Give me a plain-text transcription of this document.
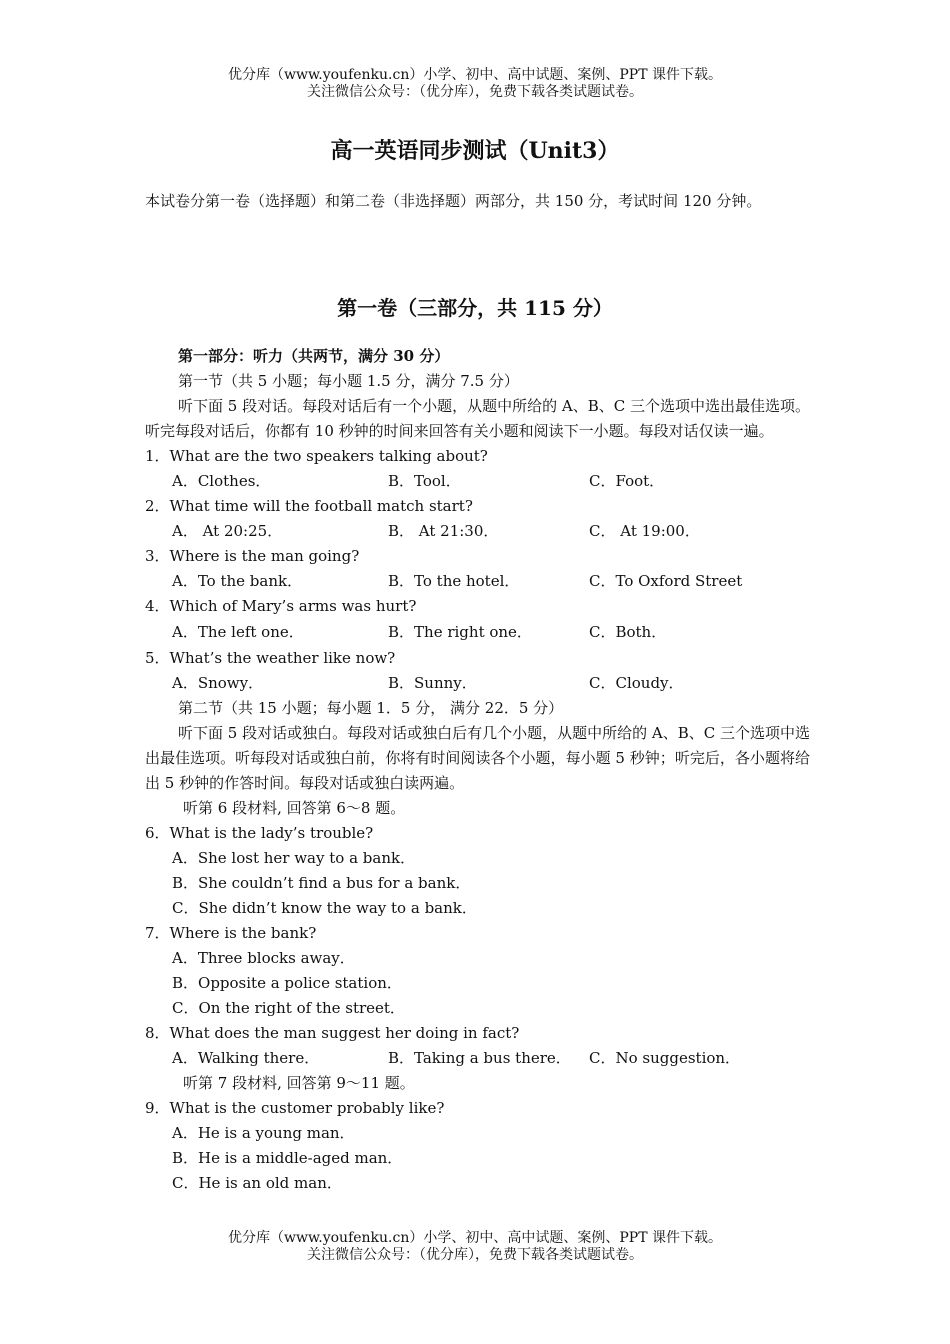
优分库（www.youfenku.cn）小学、初中、高中试题、案例、PPT 课件下载。
关注微信公众号：（优分库），免费下载各类试题试卷。
高一英语同步测试（Unit3）
本试卷分第一卷（选择题）和第二卷（非选择题）两部分，共 150 分，考试时间 120 分钟。
第一卷（三部分，共 115 分）
第一部分：听力（共两节，满分 30 分）
第一节（共 5 小题；每小题 1.5 分，满分 7.5 分）
听下面 5 段对话。每段对话后有一个小题，从题中所给的 A、B、C 三个选项中选出最佳选项。听完每段对话后，你都有 10 秒钟的时间来回答有关小题和阅读下一小题。每段对话仅读一遍。
1．What are the two speakers talking about?
A．Clothes．	B．Tool．	C．Foot．
2．What time will the football match start?
A． At 20:25．	B． At 21:30．	C． At 19:00．
3．Where is the man going?
A．To the bank．	B．To the hotel．	C．To Oxford Street
4．Which of Mary’s arms was hurt?
A．The left one．	B．The right one．	C．Both．
5．What’s the weather like now?
A．Snowy．	B．Sunny．	C．Cloudy．
第二节（共 15 小题；每小题 1．5 分， 满分 22．5 分）
听下面 5 段对话或独白。每段对话或独白后有几个小题，从题中所给的 A、B、C 三个选项中选出最佳选项。听每段对话或独白前，你将有时间阅读各个小题，每小题 5 秒钟；听完后，各小题将给出 5 秒钟的作答时间。每段对话或独白读两遍。
听第 6 段材料, 回答第 6～8 题。
6．What is the lady’s trouble?
A．She lost her way to a bank．
B．She couldn’t find a bus for a bank．
C．She didn’t know the way to a bank．
7．Where is the bank?
A．Three blocks away．
B．Opposite a police station．
C．On the right of the street．
8．What does the man suggest her doing in fact?
A．Walking there．	B．Taking a bus there． C．No suggestion．
听第 7 段材料, 回答第 9～11 题。
9．What is the customer probably like?
A．He is a young man．
B．He is a middle-aged man．
C．He is an old man．
优分库（www.youfenku.cn）小学、初中、高中试题、案例、PPT 课件下载。
关注微信公众号：（优分库），免费下载各类试题试卷。
